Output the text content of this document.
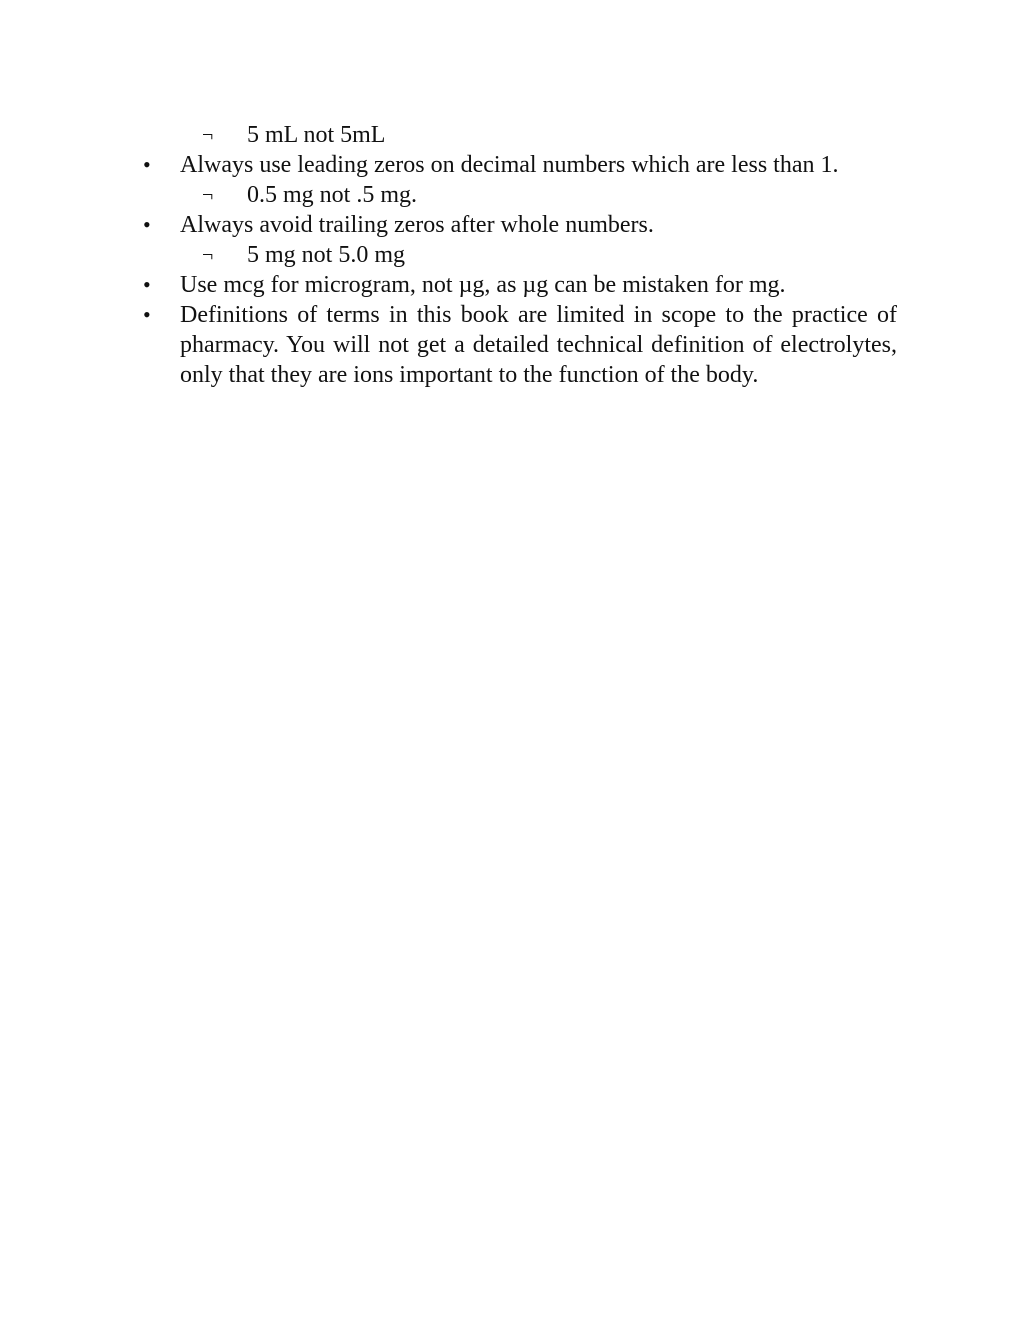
¬	5 mL not 5mL
• Always use leading zeros on decimal numbers which are less than 1.
¬	0.5 mg not .5 mg.
• Always avoid trailing zeros after whole numbers.
¬	5 mg not 5.0 mg
• Use mcg for microgram, not µg, as µg can be mistaken for mg.
• Definitions of terms in this book are limited in scope to the practice of pharmacy. You will not get a detailed technical definition of electrolytes, only that they are ions important to the function of the body.
